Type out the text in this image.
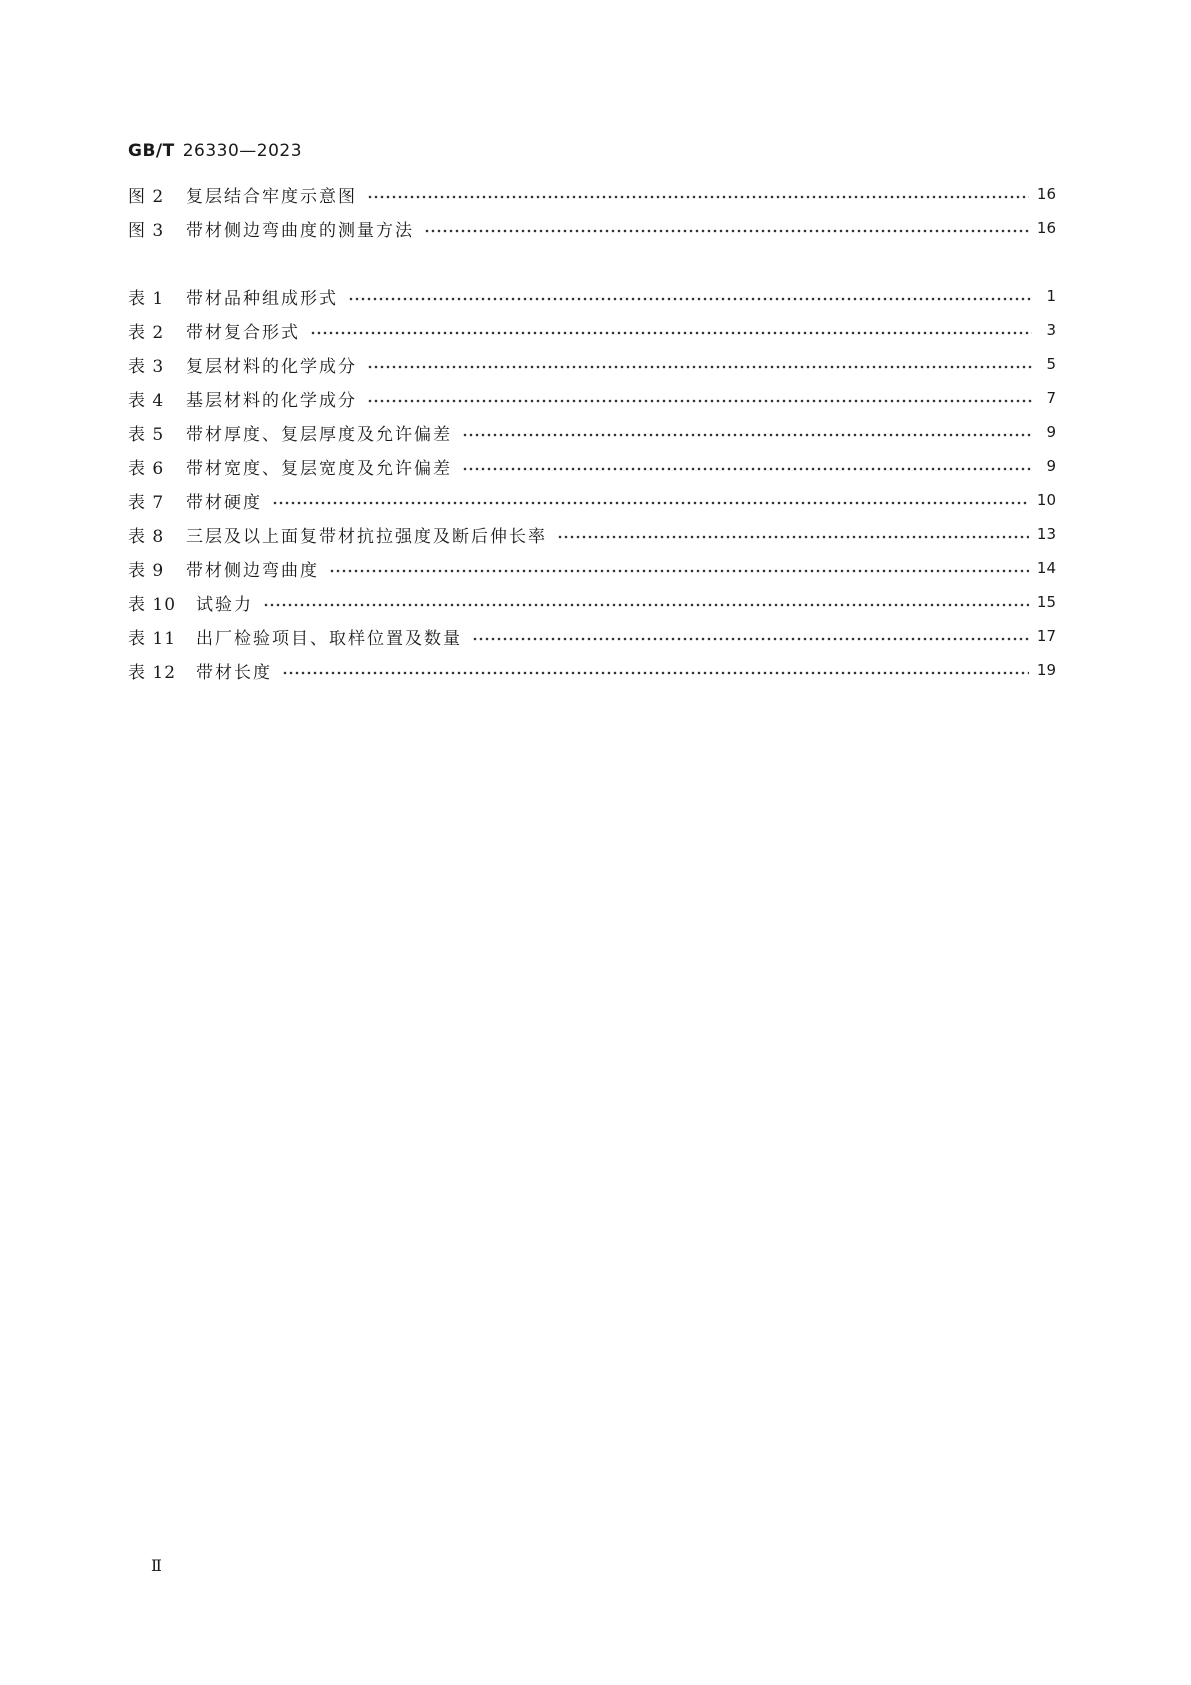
GB/T 26330—2023
图 2	复层结合牢度示意图	16
图 3	带材侧边弯曲度的测量方法	16
表 1	带材品种组成形式	1
表 2	带材复合形式	3
表 3	复层材料的化学成分	5
表 4	基层材料的化学成分	7
表 5	带材厚度、复层厚度及允许偏差	9
表 6	带材宽度、复层宽度及允许偏差	9
表 7	带材硬度	10
表 8	三层及以上面复带材抗拉强度及断后伸长率	13
表 9	带材侧边弯曲度	14
表 10	试验力	15
表 11	出厂检验项目、取样位置及数量	17
表 12	带材长度	19
Ⅱ
